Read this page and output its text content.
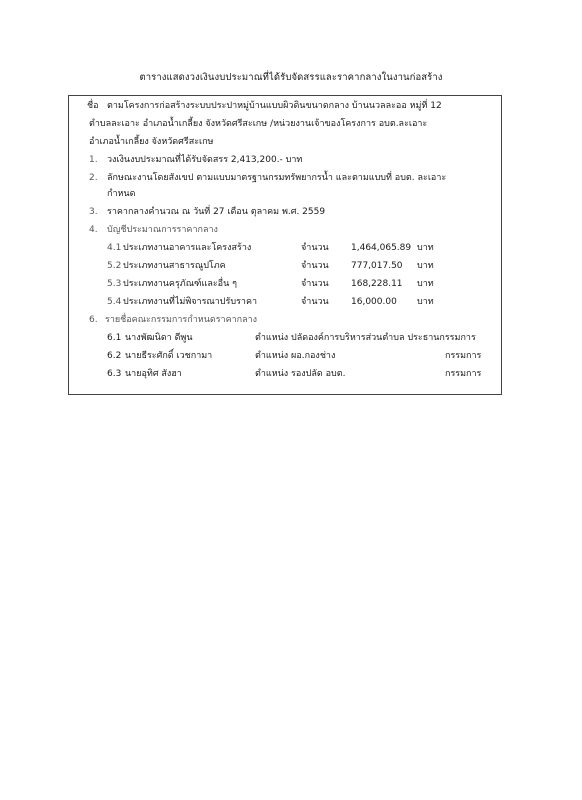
ตารางแสดงวงเงินงบประมาณที่ได้รับจัดสรรและราคากลางในงานก่อสร้าง
ชื่อ ตามโครงการก่อสร้างระบบประปาหมู่บ้านแบบผิวดินขนาดกลาง บ้านนวลละออ หมู่ที่ 12
ตำบลละเอาะ อำเภอน้ำเกลี้ยง จังหวัดศรีสะเกษ /หน่วยงานเจ้าของโครงการ อบต.ละเอาะ
อำเภอน้ำเกลี้ยง จังหวัดศรีสะเกษ
1. วงเงินงบประมาณที่ได้รับจัดสรร 2,413,200.- บาท
2. ลักษณะงานโดยสังเขป ตามแบบมาตรฐานกรมทรัพยากรน้ำ และตามแบบที่ อบต. ละเอาะ
กำหนด
3. ราคากลางคำนวณ ณ วันที่ 27 เดือน ตุลาคม พ.ศ. 2559
4. บัญชีประมาณการราคากลาง
4.1 ประเภทงานอาคารและโครงสร้าง	จำนวน 1,464,065.89 บาท
5.2 ประเภทงานสาธารณูปโภค	จำนวน 777,017.50 บาท
5.3 ประเภทงานครุภัณฑ์และอื่น ๆ	จำนวน 168,228.11 บาท
5.4 ประเภทงานที่ไม่พิจารณาปรับราคา	จำนวน 16,000.00 บาท
6. รายชื่อคณะกรรมการกำหนดราคากลาง
6.1 นางพัฒนิดา ดีพูน	ตำแหน่ง ปลัดองค์การบริหารส่วนตำบล ประธานกรรมการ
6.2 นายธีระศักดิ์ เวชกามา	ตำแหน่ง ผอ.กองช่าง	กรรมการ
6.3 นายอุทิศ สังฮา	ตำแหน่ง รองปลัด อบต.	กรรมการ
